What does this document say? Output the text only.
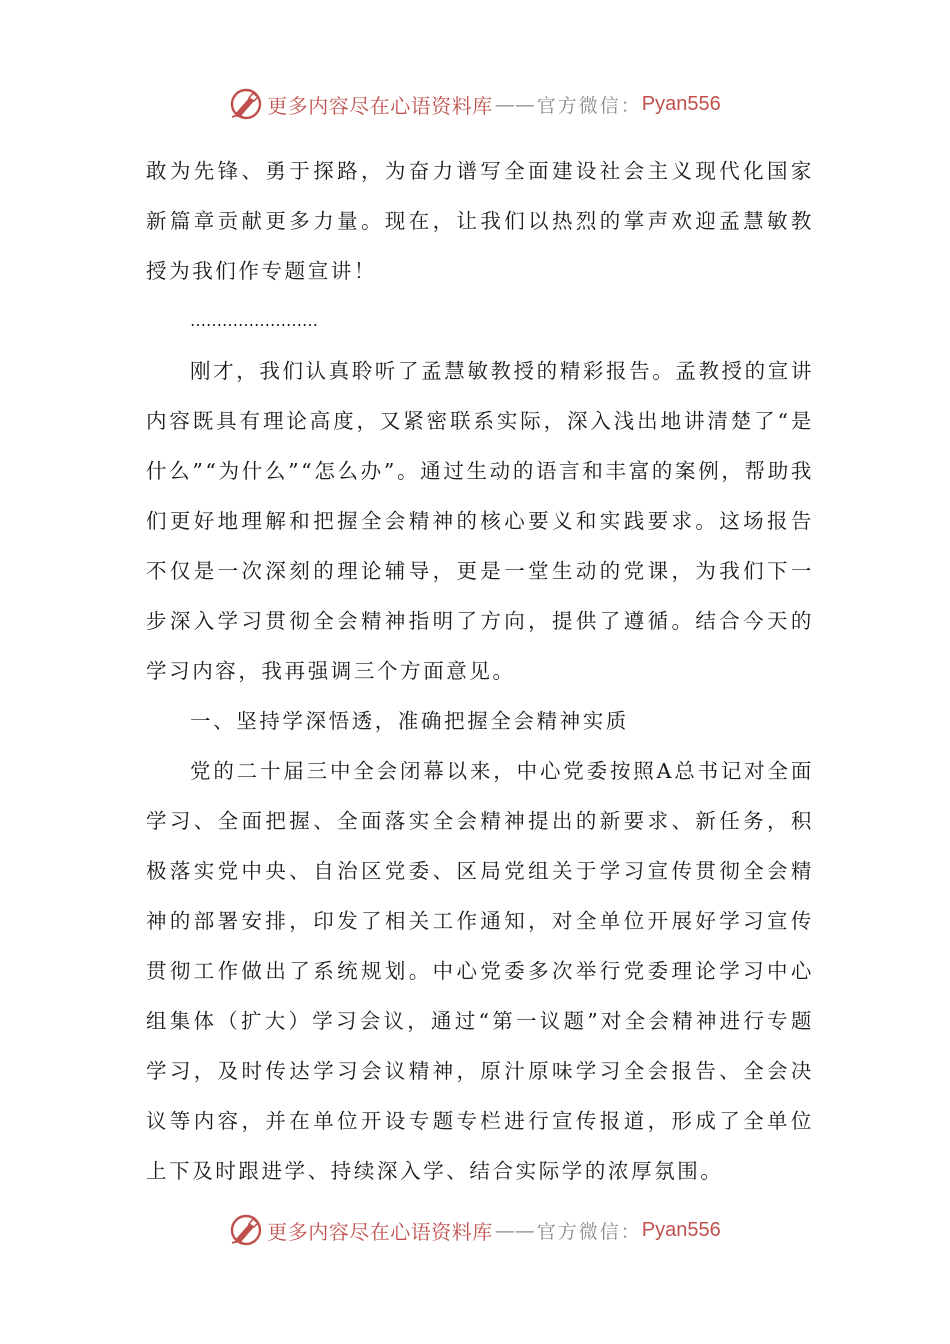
更多内容尽在心语资料库 —— 官方微信： Pyan556

敢为先锋、勇于探路，为奋力谱写全面建设社会主义现代化国家新篇章贡献更多力量。现在，让我们以热烈的掌声欢迎孟慧敏教授为我们作专题宣讲！

……………………

刚才，我们认真聆听了孟慧敏教授的精彩报告。孟教授的宣讲内容既具有理论高度，又紧密联系实际，深入浅出地讲清楚了“是什么”“为什么”“怎么办”。通过生动的语言和丰富的案例，帮助我们更好地理解和把握全会精神的核心要义和实践要求。这场报告不仅是一次深刻的理论辅导，更是一堂生动的党课，为我们下一步深入学习贯彻全会精神指明了方向，提供了遵循。结合今天的学习内容，我再强调三个方面意见。

一、坚持学深悟透，准确把握全会精神实质

党的二十届三中全会闭幕以来，中心党委按照A总书记对全面学习、全面把握、全面落实全会精神提出的新要求、新任务，积极落实党中央、自治区党委、区局党组关于学习宣传贯彻全会精神的部署安排，印发了相关工作通知，对全单位开展好学习宣传贯彻工作做出了系统规划。中心党委多次举行党委理论学习中心组集体（扩大）学习会议，通过“第一议题”对全会精神进行专题学习，及时传达学习会议精神，原汁原味学习全会报告、全会决议等内容，并在单位开设专题专栏进行宣传报道，形成了全单位上下及时跟进学、持续深入学、结合实际学的浓厚氛围。

更多内容尽在心语资料库 —— 官方微信： Pyan556
